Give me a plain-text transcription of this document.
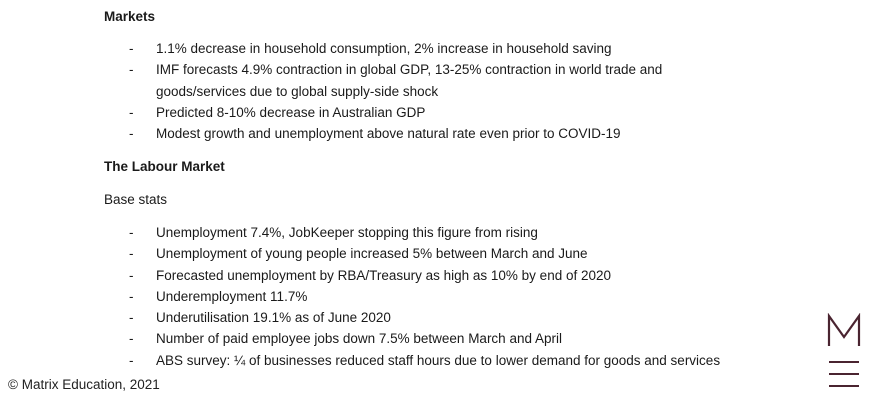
Markets
- 1.1% decrease in household consumption, 2% increase in household saving
- IMF forecasts 4.9% contraction in global GDP, 13-25% contraction in world trade and goods/services due to global supply-side shock
- Predicted 8-10% decrease in Australian GDP
- Modest growth and unemployment above natural rate even prior to COVID-19
The Labour Market
Base stats
- Unemployment 7.4%, JobKeeper stopping this figure from rising
- Unemployment of young people increased 5% between March and June
- Forecasted unemployment by RBA/Treasury as high as 10% by end of 2020
- Underemployment 11.7%
- Underutilisation 19.1% as of June 2020
- Number of paid employee jobs down 7.5% between March and April
- ABS survey: ¼ of businesses reduced staff hours due to lower demand for goods and services
© Matrix Education, 2021
